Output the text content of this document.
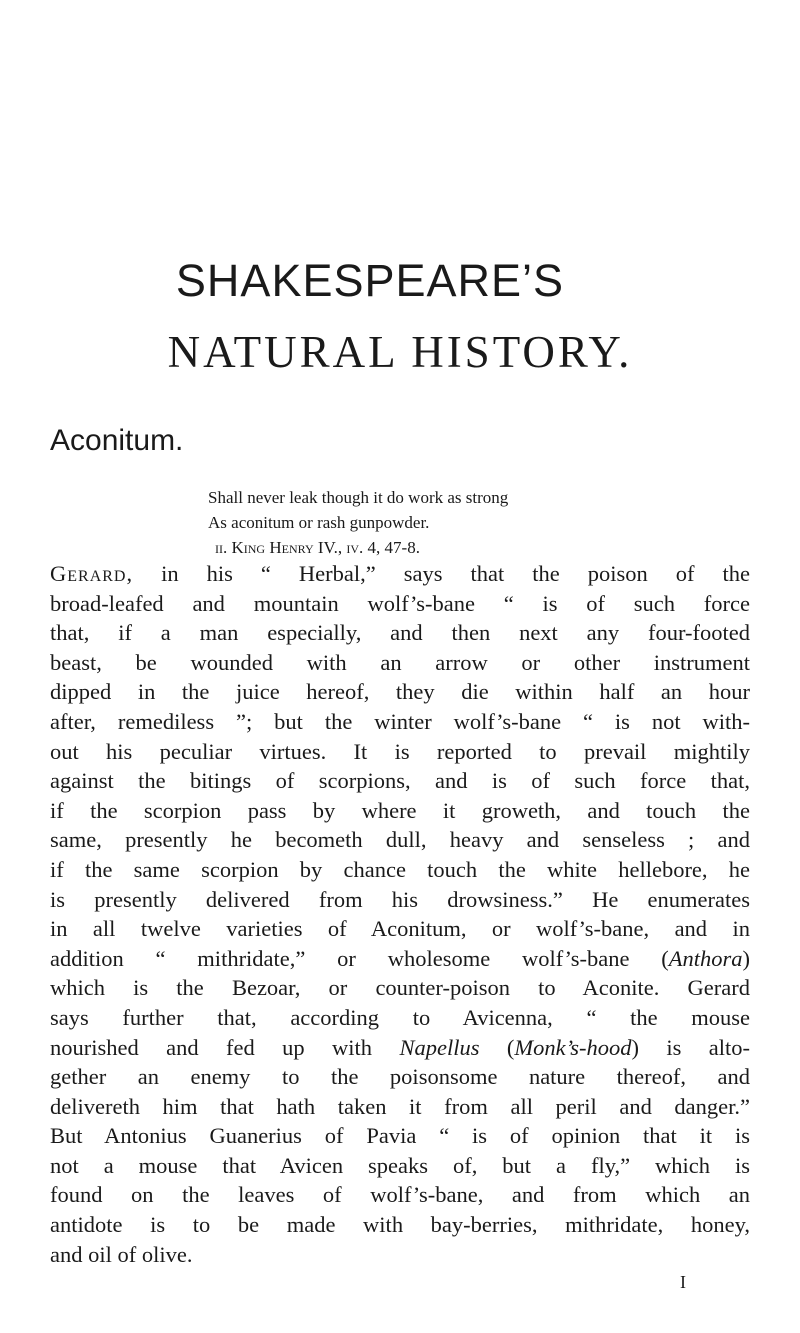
SHAKESPEARE’S
NATURAL HISTORY.
Aconitum.
Shall never leak though it do work as strong
As aconitum or rash gunpowder.
ii. King Henry IV., iv. 4, 47-8.
Gerard, in his “ Herbal,” says that the poison of the
broad-leafed and mountain wolf’s-bane “ is of such force
that, if a man especially, and then next any four-footed
beast, be wounded with an arrow or other instrument
dipped in the juice hereof, they die within half an hour
after, remediless ”; but the winter wolf’s-bane “ is not with-
out his peculiar virtues. It is reported to prevail mightily
against the bitings of scorpions, and is of such force that,
if the scorpion pass by where it groweth, and touch the
same, presently he becometh dull, heavy and senseless ; and
if the same scorpion by chance touch the white hellebore, he
is presently delivered from his drowsiness.” He enumerates
in all twelve varieties of Aconitum, or wolf’s-bane, and in
addition “ mithridate,” or wholesome wolf’s-bane (Anthora)
which is the Bezoar, or counter-poison to Aconite. Gerard
says further that, according to Avicenna, “ the mouse
nourished and fed up with Napellus (Monk’s-hood) is alto-
gether an enemy to the poisonsome nature thereof, and
delivereth him that hath taken it from all peril and danger.”
But Antonius Guanerius of Pavia “ is of opinion that it is
not a mouse that Avicen speaks of, but a fly,” which is
found on the leaves of wolf’s-bane, and from which an
antidote is to be made with bay-berries, mithridate, honey,
and oil of olive.
I
